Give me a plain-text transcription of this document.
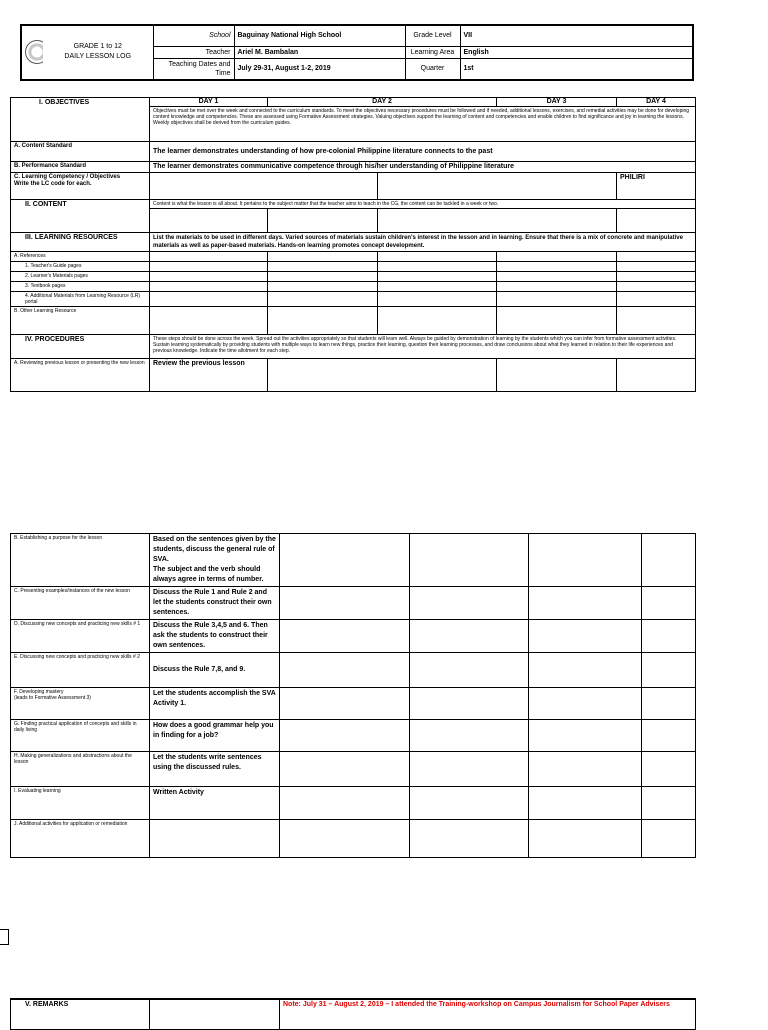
	GRADE 1 to 12
DAILY LESSON LOG	School	Baguinay National High School	Grade Level	VII
		Teacher	Ariel M. Bambalan	Learning Area	English
		Teaching Dates and Time	July 29-31, August 1-2, 2019	Quarter	1st
I. OBJECTIVES	DAY 1	DAY 2		DAY 3	DAY 4	
	Objectives must be met over the week and connected to the curriculum standards. To meet the objectives necessary procedures must be followed and if needed, additional lessons, exercises, and remedial activities may be done for developing content knowledge and competencies. These are assessed using Formative Assessment strategies. Valuing objectives support the learning of content and competencies and enable children to find significance and joy in learning the lessons. Weekly objectives shall be derived from the curriculum guides.					
A. Content Standard	The learner demonstrates understanding of how pre-colonial Philippine literature connects to the past					
B. Performance Standard	The learner demonstrates communicative competence through his/her understanding of Philippine literature					
C. Learning Competency / Objectives
Write the LC code for each.					PHILIRI	
II. CONTENT	Content is what the lesson is all about. It pertains to the subject matter that the teacher aims to teach in the CG, the content can be tackled in a week or two.					

III. LEARNING RESOURCES	List the materials to be used in different days. Varied sources of materials sustain children's interest in the lesson and in learning. Ensure that there is a mix of concrete and manipulative materials as well as paper-based materials. Hands-on learning promotes concept development.					
A. References						
1. Teacher's Guide pages						
2. Learner's Materials pages						
3. Textbook pages						
4. Additional Materials from Learning Resource (LR) portal						
B. Other Learning Resource						
IV. PROCEDURES	These steps should be done across the week. Spread out the activities appropriately so that students will learn well. Always be guided by demonstration of learning by the students which you can infer from formative assessment activities. Sustain learning systematically by providing students with multiple ways to learn new things, practice their learning, question their learning processes, and draw conclusions about what they learned in relation to their life experiences and previous knowledge. Indicate the time allotment for each step.					
A. Reviewing previous lesson or presenting the new lesson	Review the previous lesson					
B. Establishing a purpose for the lesson	Based on the sentences given by the students, discuss the general rule of SVA.
The subject and the verb should always agree in terms of number.				
C. Presenting examples/instances of the new lesson	Discuss the Rule 1 and Rule 2 and let the students construct their own sentences.				
D. Discussing new concepts and practicing new skills # 1	Discuss the Rule 3,4,5 and 6. Then ask the students to construct their own sentences.				
E. Discussing new concepts and practicing new skills # 2	Discuss the Rule 7,8, and 9.				
F. Developing mastery
(leads to Formative Assessment 3)	Let the students accomplish the SVA Activity 1.				
G. Finding practical application of concepts and skills in daily living	How does a good grammar help you in finding for a job?				
H. Making generalizations and abstractions about the lesson	Let the students write sentences using the discussed rules.				
I. Evaluating learning	Written Activity				
J. Additional activities for application or remediation					
V. REMARKS		Note: July 31 – August 2, 2019 – I attended the Training-workshop on Campus Journalism for School Paper Advisers
